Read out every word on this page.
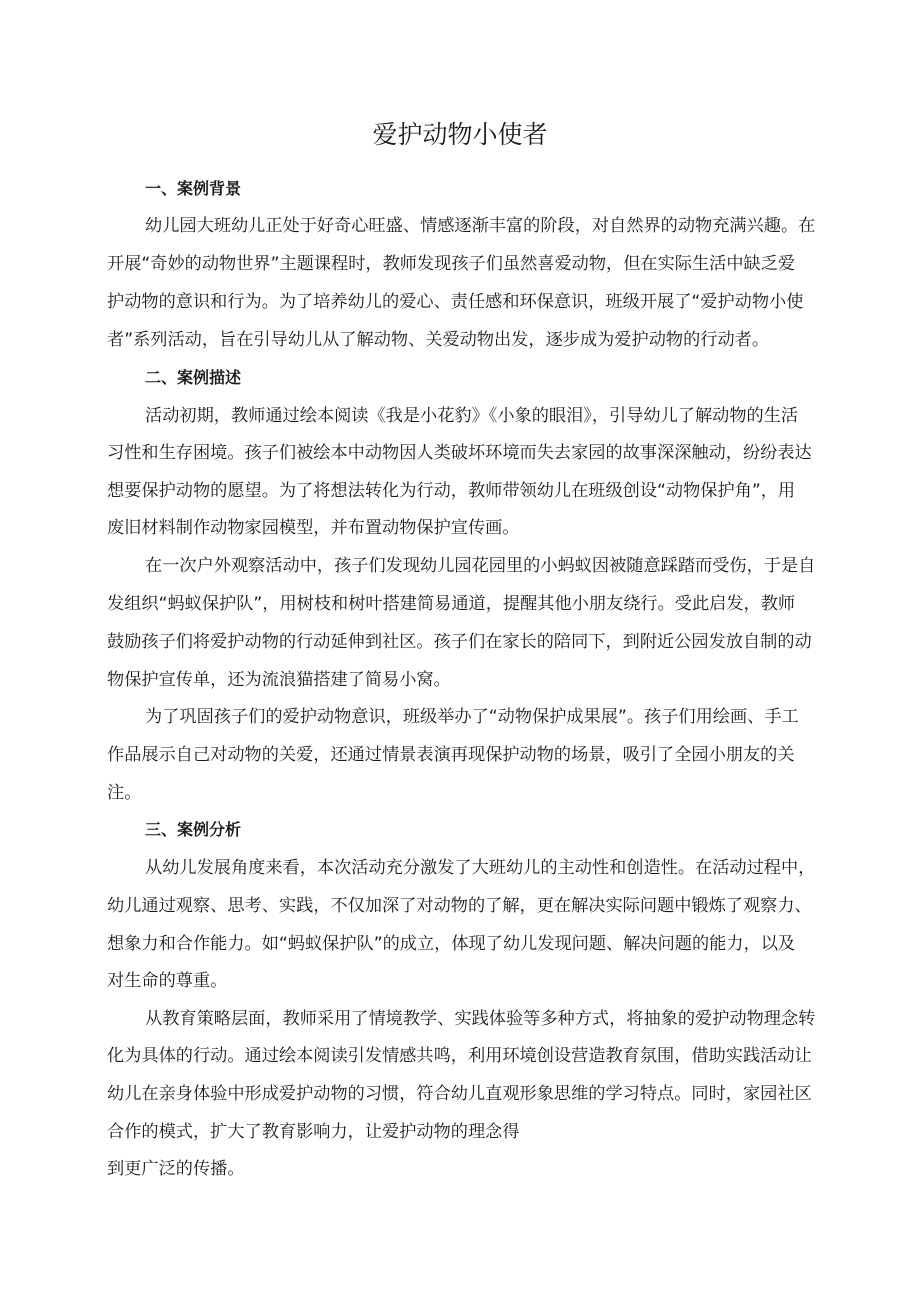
爱护动物小使者
一、案例背景
幼儿园大班幼儿正处于好奇心旺盛、情感逐渐丰富的阶段，对自然界的动物充满兴趣。在
开展“奇妙的动物世界”主题课程时，教师发现孩子们虽然喜爱动物，但在实际生活中缺乏爱
护动物的意识和行为。为了培养幼儿的爱心、责任感和环保意识，班级开展了“爱护动物小使
者”系列活动，旨在引导幼儿从了解动物、关爱动物出发，逐步成为爱护动物的行动者。
二、案例描述
活动初期，教师通过绘本阅读《我是小花豹》《小象的眼泪》，引导幼儿了解动物的生活
习性和生存困境。孩子们被绘本中动物因人类破坏环境而失去家园的故事深深触动，纷纷表达
想要保护动物的愿望。为了将想法转化为行动，教师带领幼儿在班级创设“动物保护角”，用
废旧材料制作动物家园模型，并布置动物保护宣传画。
在一次户外观察活动中，孩子们发现幼儿园花园里的小蚂蚁因被随意踩踏而受伤，于是自
发组织“蚂蚁保护队”，用树枝和树叶搭建简易通道，提醒其他小朋友绕行。受此启发，教师
鼓励孩子们将爱护动物的行动延伸到社区。孩子们在家长的陪同下，到附近公园发放自制的动
物保护宣传单，还为流浪猫搭建了简易小窝。
为了巩固孩子们的爱护动物意识，班级举办了“动物保护成果展”。孩子们用绘画、手工
作品展示自己对动物的关爱，还通过情景表演再现保护动物的场景，吸引了全园小朋友的关
注。
三、案例分析
从幼儿发展角度来看，本次活动充分激发了大班幼儿的主动性和创造性。在活动过程中，
幼儿通过观察、思考、实践，不仅加深了对动物的了解，更在解决实际问题中锻炼了观察力、
想象力和合作能力。如“蚂蚁保护队”的成立，体现了幼儿发现问题、解决问题的能力，以及
对生命的尊重。
从教育策略层面，教师采用了情境教学、实践体验等多种方式，将抽象的爱护动物理念转
化为具体的行动。通过绘本阅读引发情感共鸣，利用环境创设营造教育氛围，借助实践活动让
幼儿在亲身体验中形成爱护动物的习惯，符合幼儿直观形象思维的学习特点。同时，家园社区
合作的模式，扩大了教育影响力，让爱护动物的理念得
到更广泛的传播。
